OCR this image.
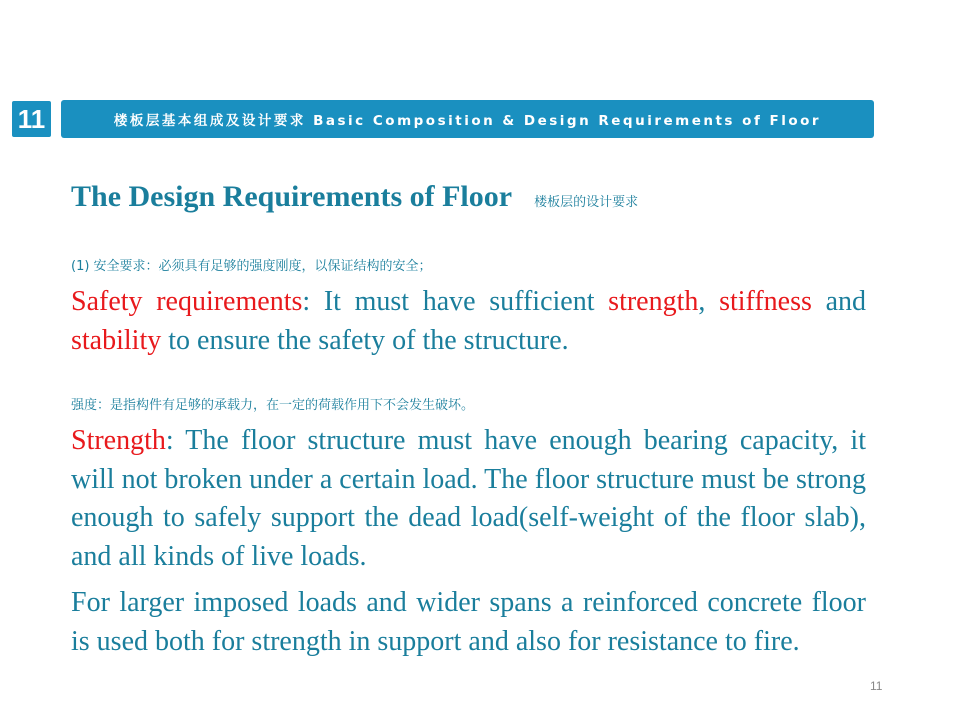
11	楼板层基本组成及设计要求 Basic Composition & Design Requirements of Floor
The Design Requirements of Floor 楼板层的设计要求
(1) 安全要求：必须具有足够的强度刚度，以保证结构的安全；

Safety requirements: It must have sufficient strength, stiffness and stability to ensure the safety of the structure.

强度：是指构件有足够的承载力，在一定的荷载作用下不会发生破坏。

Strength: The floor structure must have enough bearing capacity, it will not broken under a certain load. The floor structure must be strong enough to safely support the dead load(self-weight of the floor slab), and all kinds of live loads.

For larger imposed loads and wider spans a reinforced concrete floor is used both for strength in support and also for resistance to fire.

11
